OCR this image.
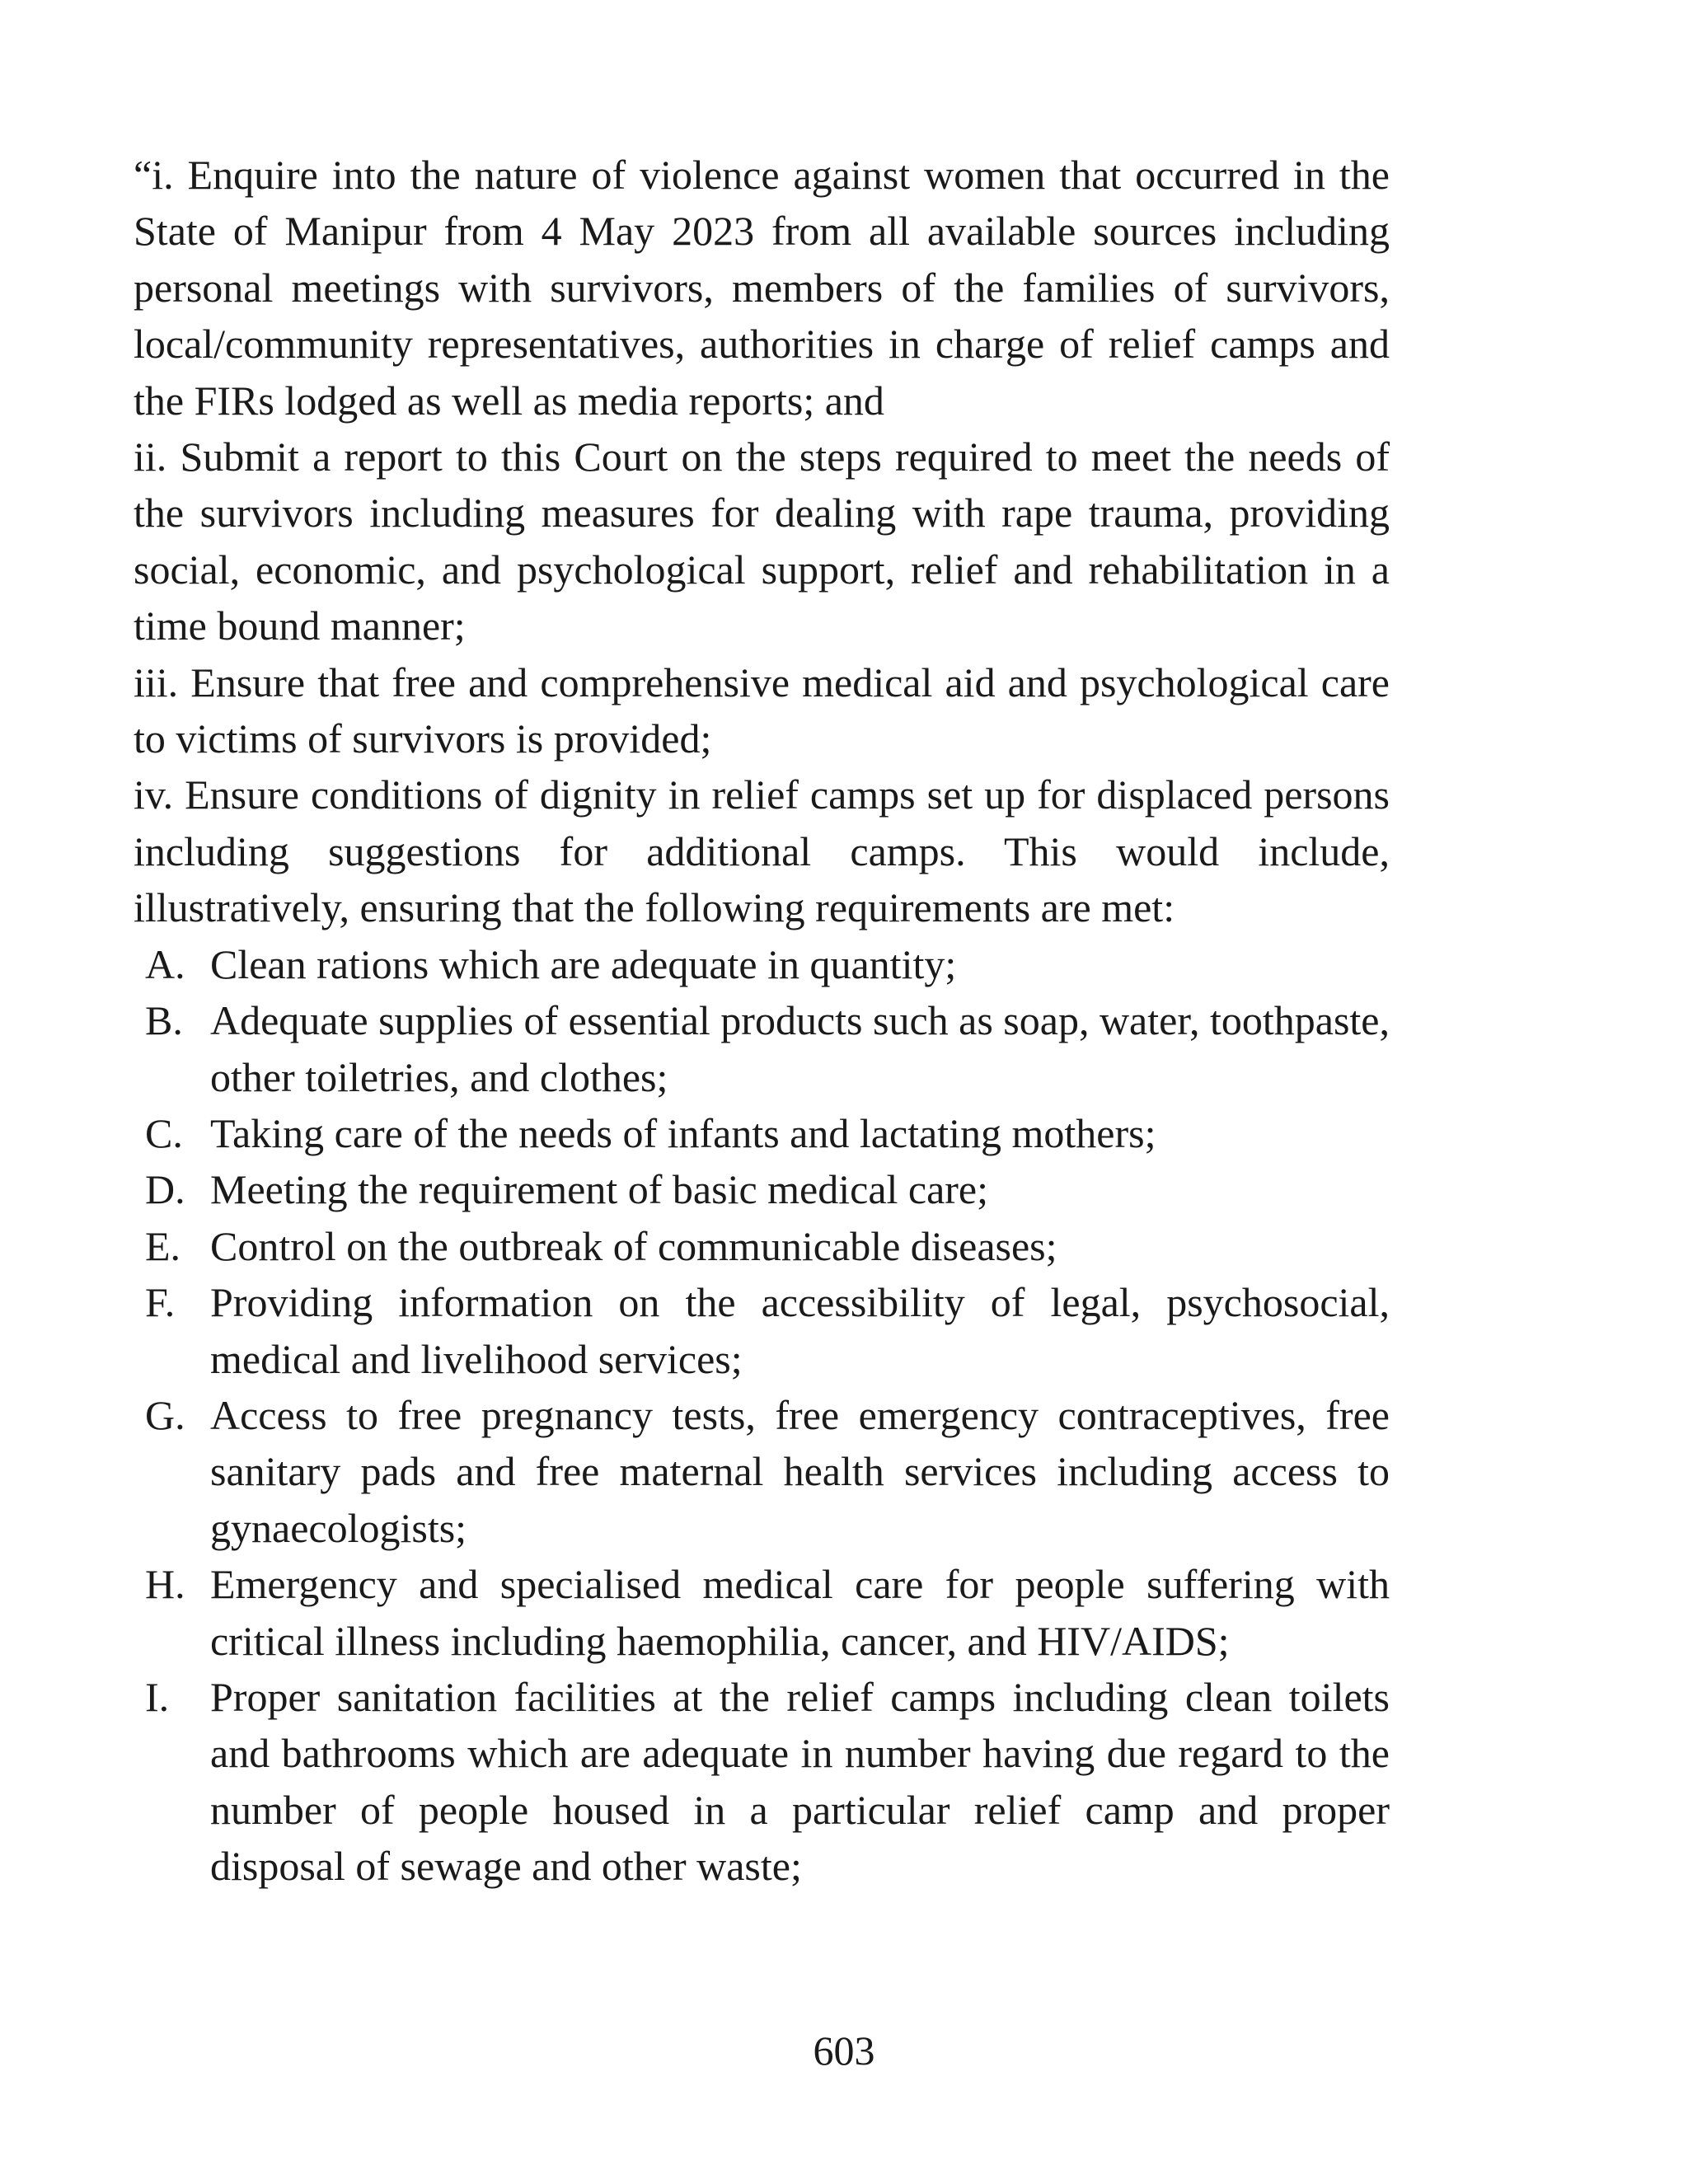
“i. Enquire into the nature of violence against women that occurred in the State of Manipur from 4 May 2023 from all available sources including personal meetings with survivors, members of the families of survivors, local/community representatives, authorities in charge of relief camps and the FIRs lodged as well as media reports; and

ii. Submit a report to this Court on the steps required to meet the needs of the survivors including measures for dealing with rape trauma, providing social, economic, and psychological support, relief and rehabilitation in a time bound manner;

iii. Ensure that free and comprehensive medical aid and psychological care to victims of survivors is provided;

iv. Ensure conditions of dignity in relief camps set up for displaced persons including suggestions for additional camps. This would include, illustratively, ensuring that the following requirements are met:

A. Clean rations which are adequate in quantity;
B. Adequate supplies of essential products such as soap, water, toothpaste, other toiletries, and clothes;
C. Taking care of the needs of infants and lactating mothers;
D. Meeting the requirement of basic medical care;
E. Control on the outbreak of communicable diseases;
F. Providing information on the accessibility of legal, psychosocial, medical and livelihood services;
G. Access to free pregnancy tests, free emergency contraceptives, free sanitary pads and free maternal health services including access to gynaecologists;
H. Emergency and specialised medical care for people suffering with critical illness including haemophilia, cancer, and HIV/AIDS;
I. Proper sanitation facilities at the relief camps including clean toilets and bathrooms which are adequate in number having due regard to the number of people housed in a particular relief camp and proper disposal of sewage and other waste;
603
